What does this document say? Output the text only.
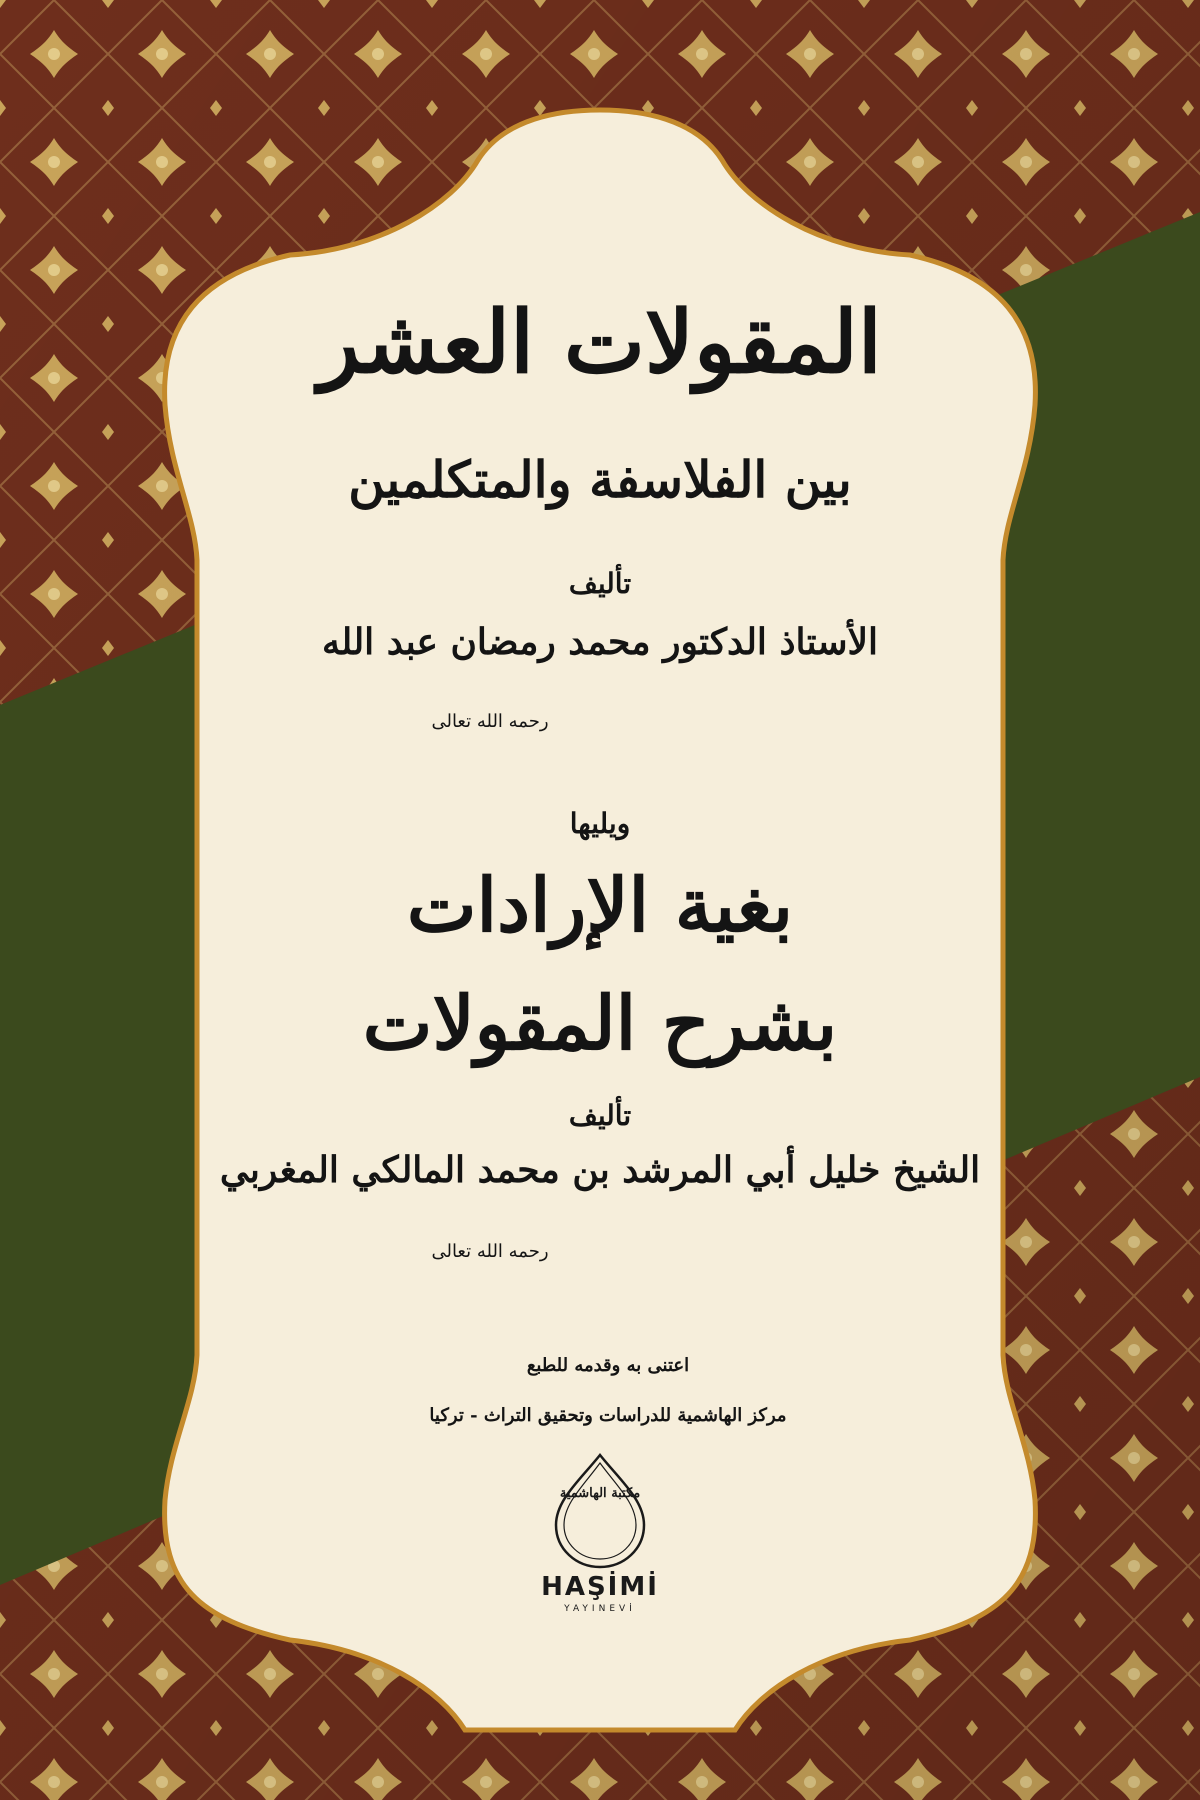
المقولات العشر
بين الفلاسفة والمتكلمين
تأليف
الأستاذ الدكتور محمد رمضان عبد الله
رحمه الله تعالى
ويليها
بغية الإرادات
بشرح المقولات
تأليف
الشيخ خليل أبي المرشد بن محمد المالكي المغربي
رحمه الله تعالى
اعتنى به وقدمه للطبع
مركز الهاشمية للدراسات وتحقيق التراث - تركيا
مكتبة الهاشمية
HAŞİMİ
YAYINEVİ
